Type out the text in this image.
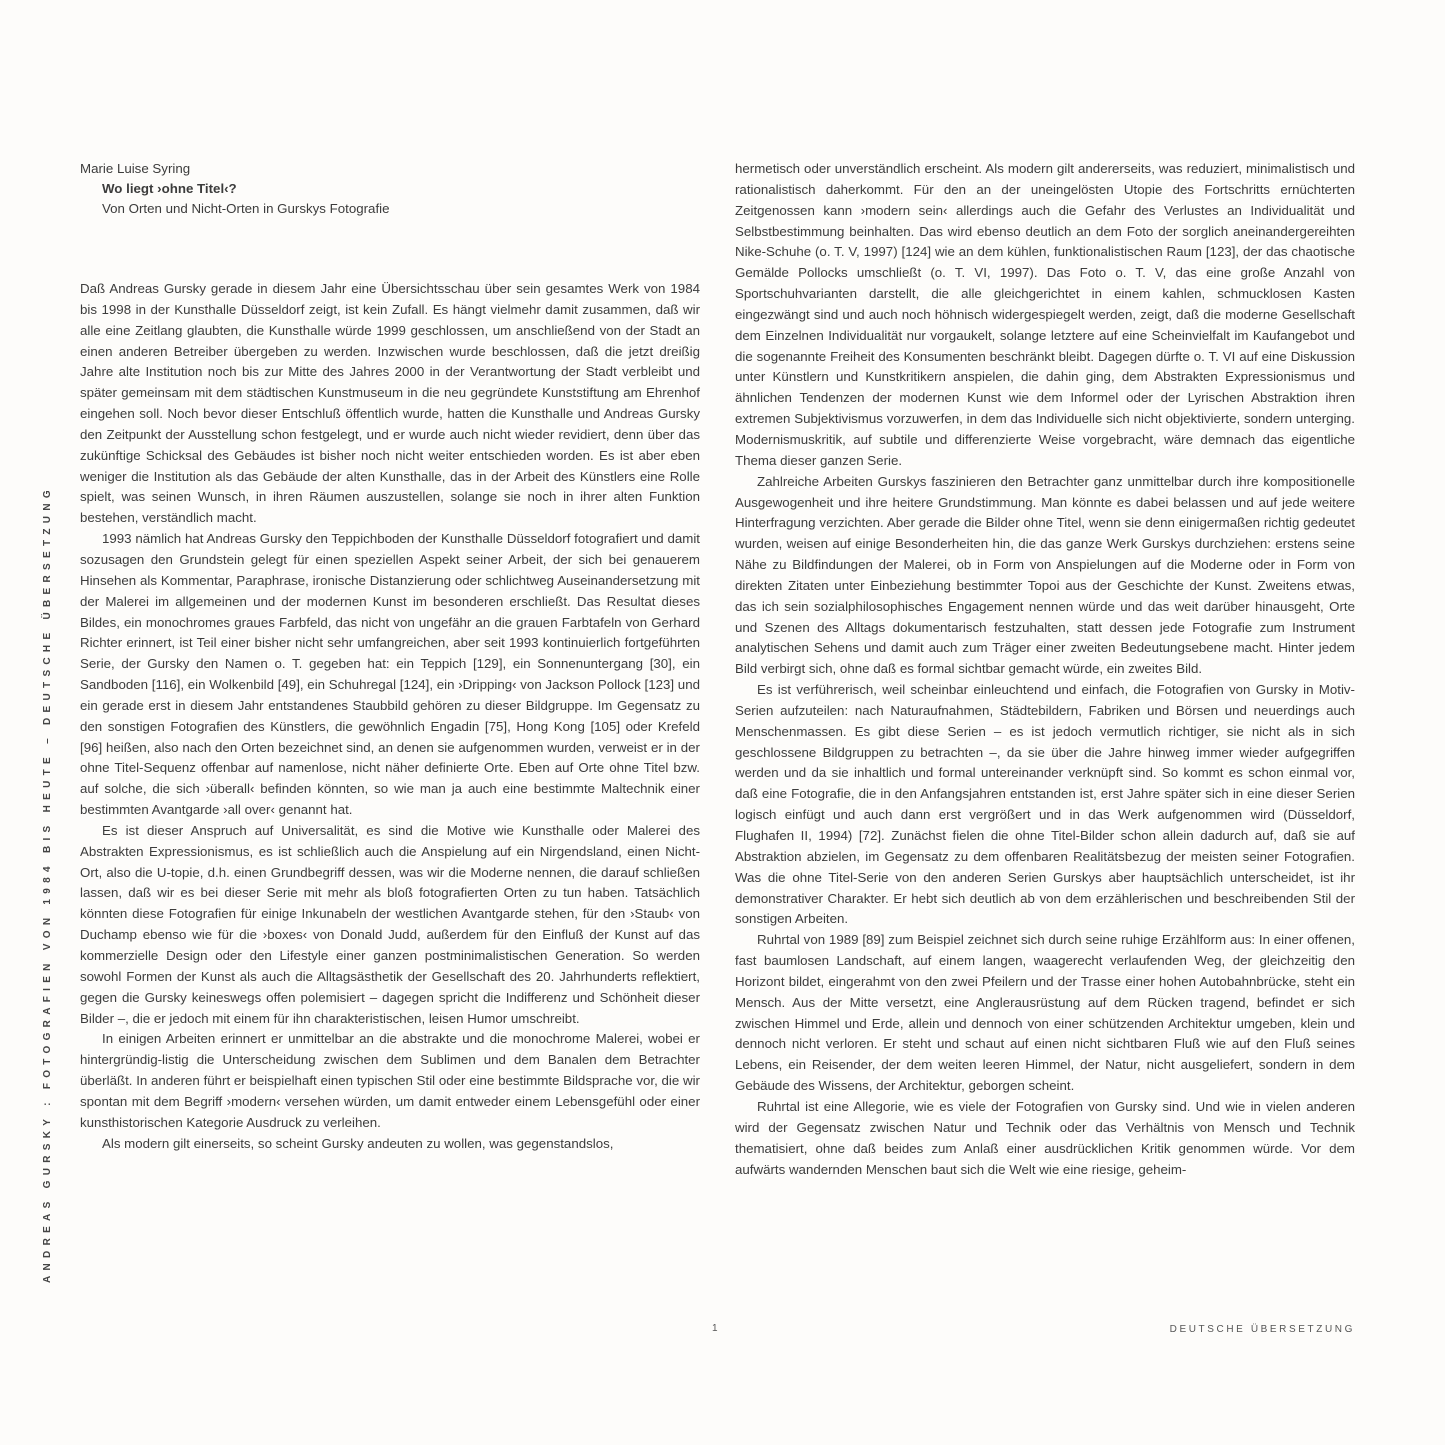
ANDREAS GURSKY : FOTOGRAFIEN VON 1984 BIS HEUTE – DEUTSCHE ÜBERSETZUNG

Marie Luise Syring

Wo liegt ›ohne Titel‹?

Von Orten und Nicht-Orten in Gurskys Fotografie

Daß Andreas Gursky gerade in diesem Jahr eine Übersichtsschau über sein gesamtes Werk von 1984 bis 1998 in der Kunsthalle Düsseldorf zeigt, ist kein Zufall. Es hängt vielmehr damit zusammen, daß wir alle eine Zeitlang glaubten, die Kunsthalle würde 1999 geschlossen, um anschließend von der Stadt an einen anderen Betreiber übergeben zu werden. Inzwischen wurde beschlossen, daß die jetzt dreißig Jahre alte Institution noch bis zur Mitte des Jahres 2000 in der Verantwortung der Stadt verbleibt und später gemeinsam mit dem städtischen Kunstmuseum in die neu gegründete Kunststiftung am Ehrenhof eingehen soll. Noch bevor dieser Entschluß öffentlich wurde, hatten die Kunsthalle und Andreas Gursky den Zeitpunkt der Ausstellung schon festgelegt, und er wurde auch nicht wieder revidiert, denn über das zukünftige Schicksal des Gebäudes ist bisher noch nicht weiter entschieden worden. Es ist aber eben weniger die Institution als das Gebäude der alten Kunsthalle, das in der Arbeit des Künstlers eine Rolle spielt, was seinen Wunsch, in ihren Räumen auszustellen, solange sie noch in ihrer alten Funktion bestehen, verständlich macht.

1993 nämlich hat Andreas Gursky den Teppichboden der Kunsthalle Düsseldorf fotografiert und damit sozusagen den Grundstein gelegt für einen speziellen Aspekt seiner Arbeit, der sich bei genauerem Hinsehen als Kommentar, Paraphrase, ironische Distanzierung oder schlichtweg Auseinandersetzung mit der Malerei im allgemeinen und der modernen Kunst im besonderen erschließt. Das Resultat dieses Bildes, ein monochromes graues Farbfeld, das nicht von ungefähr an die grauen Farbtafeln von Gerhard Richter erinnert, ist Teil einer bisher nicht sehr umfangreichen, aber seit 1993 kontinuierlich fortgeführten Serie, der Gursky den Namen o. T. gegeben hat: ein Teppich [129], ein Sonnenuntergang [30], ein Sandboden [116], ein Wolkenbild [49], ein Schuhregal [124], ein ›Dripping‹ von Jackson Pollock [123] und ein gerade erst in diesem Jahr entstandenes Staubbild gehören zu dieser Bildgruppe. Im Gegensatz zu den sonstigen Fotografien des Künstlers, die gewöhnlich Engadin [75], Hong Kong [105] oder Krefeld [96] heißen, also nach den Orten bezeichnet sind, an denen sie aufgenommen wurden, verweist er in der ohne Titel-Sequenz offenbar auf namenlose, nicht näher definierte Orte. Eben auf Orte ohne Titel bzw. auf solche, die sich ›überall‹ befinden könnten, so wie man ja auch eine bestimmte Maltechnik einer bestimmten Avantgarde ›all over‹ genannt hat.

Es ist dieser Anspruch auf Universalität, es sind die Motive wie Kunsthalle oder Malerei des Abstrakten Expressionismus, es ist schließlich auch die Anspielung auf ein Nirgendsland, einen Nicht-Ort, also die U-topie, d.h. einen Grundbegriff dessen, was wir die Moderne nennen, die darauf schließen lassen, daß wir es bei dieser Serie mit mehr als bloß fotografierten Orten zu tun haben. Tatsächlich könnten diese Fotografien für einige Inkunabeln der westlichen Avantgarde stehen, für den ›Staub‹ von Duchamp ebenso wie für die ›boxes‹ von Donald Judd, außerdem für den Einfluß der Kunst auf das kommerzielle Design oder den Lifestyle einer ganzen postminimalistischen Generation. So werden sowohl Formen der Kunst als auch die Alltagsästhetik der Gesellschaft des 20. Jahrhunderts reflektiert, gegen die Gursky keineswegs offen polemisiert – dagegen spricht die Indifferenz und Schönheit dieser Bilder –, die er jedoch mit einem für ihn charakteristischen, leisen Humor umschreibt.

In einigen Arbeiten erinnert er unmittelbar an die abstrakte und die monochrome Malerei, wobei er hintergründig-listig die Unterscheidung zwischen dem Sublimen und dem Banalen dem Betrachter überläßt. In anderen führt er beispielhaft einen typischen Stil oder eine bestimmte Bildsprache vor, die wir spontan mit dem Begriff ›modern‹ versehen würden, um damit entweder einem Lebensgefühl oder einer kunsthistorischen Kategorie Ausdruck zu verleihen.

Als modern gilt einerseits, so scheint Gursky andeuten zu wollen, was gegenstandslos,

hermetisch oder unverständlich erscheint. Als modern gilt andererseits, was reduziert, minimalistisch und rationalistisch daherkommt. Für den an der uneingelösten Utopie des Fortschritts ernüchterten Zeitgenossen kann ›modern sein‹ allerdings auch die Gefahr des Verlustes an Individualität und Selbstbestimmung beinhalten. Das wird ebenso deutlich an dem Foto der sorglich aneinandergereihten Nike-Schuhe (o. T. V, 1997) [124] wie an dem kühlen, funktionalistischen Raum [123], der das chaotische Gemälde Pollocks umschließt (o. T. VI, 1997). Das Foto o. T. V, das eine große Anzahl von Sportschuhvarianten darstellt, die alle gleichgerichtet in einem kahlen, schmucklosen Kasten eingezwängt sind und auch noch höhnisch widergespiegelt werden, zeigt, daß die moderne Gesellschaft dem Einzelnen Individualität nur vorgaukelt, solange letztere auf eine Scheinvielfalt im Kaufangebot und die sogenannte Freiheit des Konsumenten beschränkt bleibt. Dagegen dürfte o. T. VI auf eine Diskussion unter Künstlern und Kunstkritikern anspielen, die dahin ging, dem Abstrakten Expressionismus und ähnlichen Tendenzen der modernen Kunst wie dem Informel oder der Lyrischen Abstraktion ihren extremen Subjektivismus vorzuwerfen, in dem das Individuelle sich nicht objektivierte, sondern unterging. Modernismuskritik, auf subtile und differenzierte Weise vorgebracht, wäre demnach das eigentliche Thema dieser ganzen Serie.

Zahlreiche Arbeiten Gurskys faszinieren den Betrachter ganz unmittelbar durch ihre kompositionelle Ausgewogenheit und ihre heitere Grundstimmung. Man könnte es dabei belassen und auf jede weitere Hinterfragung verzichten. Aber gerade die Bilder ohne Titel, wenn sie denn einigermaßen richtig gedeutet wurden, weisen auf einige Besonderheiten hin, die das ganze Werk Gurskys durchziehen: erstens seine Nähe zu Bildfindungen der Malerei, ob in Form von Anspielungen auf die Moderne oder in Form von direkten Zitaten unter Einbeziehung bestimmter Topoi aus der Geschichte der Kunst. Zweitens etwas, das ich sein sozialphilosophisches Engagement nennen würde und das weit darüber hinausgeht, Orte und Szenen des Alltags dokumentarisch festzuhalten, statt dessen jede Fotografie zum Instrument analytischen Sehens und damit auch zum Träger einer zweiten Bedeutungsebene macht. Hinter jedem Bild verbirgt sich, ohne daß es formal sichtbar gemacht würde, ein zweites Bild.

Es ist verführerisch, weil scheinbar einleuchtend und einfach, die Fotografien von Gursky in Motiv-Serien aufzuteilen: nach Naturaufnahmen, Städtebildern, Fabriken und Börsen und neuerdings auch Menschenmassen. Es gibt diese Serien – es ist jedoch vermutlich richtiger, sie nicht als in sich geschlossene Bildgruppen zu betrachten –, da sie über die Jahre hinweg immer wieder aufgegriffen werden und da sie inhaltlich und formal untereinander verknüpft sind. So kommt es schon einmal vor, daß eine Fotografie, die in den Anfangsjahren entstanden ist, erst Jahre später sich in eine dieser Serien logisch einfügt und auch dann erst vergrößert und in das Werk aufgenommen wird (Düsseldorf, Flughafen II, 1994) [72]. Zunächst fielen die ohne Titel-Bilder schon allein dadurch auf, daß sie auf Abstraktion abzielen, im Gegensatz zu dem offenbaren Realitätsbezug der meisten seiner Fotografien. Was die ohne Titel-Serie von den anderen Serien Gurskys aber hauptsächlich unterscheidet, ist ihr demonstrativer Charakter. Er hebt sich deutlich ab von dem erzählerischen und beschreibenden Stil der sonstigen Arbeiten.

Ruhrtal von 1989 [89] zum Beispiel zeichnet sich durch seine ruhige Erzählform aus: In einer offenen, fast baumlosen Landschaft, auf einem langen, waagerecht verlaufenden Weg, der gleichzeitig den Horizont bildet, eingerahmt von den zwei Pfeilern und der Trasse einer hohen Autobahnbrücke, steht ein Mensch. Aus der Mitte versetzt, eine Anglerausrüstung auf dem Rücken tragend, befindet er sich zwischen Himmel und Erde, allein und dennoch von einer schützenden Architektur umgeben, klein und dennoch nicht verloren. Er steht und schaut auf einen nicht sichtbaren Fluß wie auf den Fluß seines Lebens, ein Reisender, der dem weiten leeren Himmel, der Natur, nicht ausgeliefert, sondern in dem Gebäude des Wissens, der Architektur, geborgen scheint.

Ruhrtal ist eine Allegorie, wie es viele der Fotografien von Gursky sind. Und wie in vielen anderen wird der Gegensatz zwischen Natur und Technik oder das Verhältnis von Mensch und Technik thematisiert, ohne daß beides zum Anlaß einer ausdrücklichen Kritik genommen würde. Vor dem aufwärts wandernden Menschen baut sich die Welt wie eine riesige, geheim-

1	DEUTSCHE ÜBERSETZUNG
